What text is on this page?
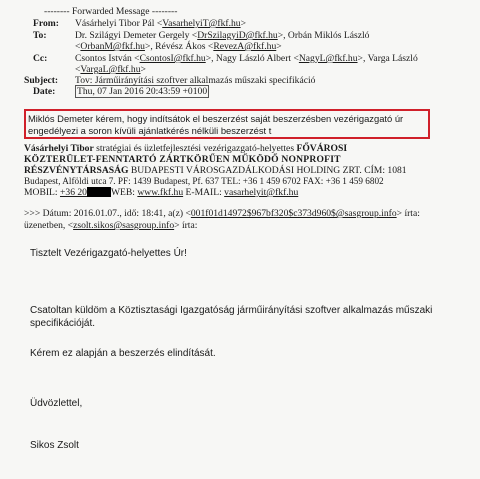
-------- Forwarded Message --------
From: Vásárhelyi Tibor Pál <VasarhelyiT@fkf.hu>
To:	Dr. Szilágyi Demeter Gergely <DrSzilagyiD@fkf.hu>, Orbán Miklós László
<OrbanM@fkf.hu>, Révész Ákos <RevezA@fkf.hu>
Cc:	Csontos István <CsontosI@fkf.hu>, Nagy László Albert <NagyL@fkf.hu>, Varga László
<VargaL@fkf.hu>
Subject: Tov: Járműirányítási szoftver alkalmazás műszaki specifikáció
Date: Thu, 07 Jan 2016 20:43:59 +0100
Miklós Demeter kérem, hogy indítsátok el beszerzést saját beszerzésben vezérigazgató úr
engedélyezi a soron kívüli ajánlatkérés nélküli beszerzést t
Vásárhelyi Tibor stratégiai és üzletfejlesztési vezérigazgató-helyettes FŐVÁROSI
KÖZTERÜLET-FENNTARTÓ ZÁRTKÖRŰEN MŰKÖDŐ NONPROFIT
RÉSZVÉNYTÁRSASÁG BUDAPESTI VÁROSGAZDÁLKODÁSI HOLDING ZRT. CÍM: 1081
Budapest, Alföldi utca 7. PF: 1439 Budapest, Pf. 637 TEL: +36 1 459 6702 FAX: +36 1 459 6802
MOBIL: +36 20	WEB: www.fkf.hu E-MAIL: vasarhelyit@fkf.hu
>>> Dátum: 2016.01.07., idő: 18:41, a(z) <001f01d14972$967bf320$c373d960$@sasgroup.info> írta:
üzenetben, <zsolt.sikos@sasgroup.info> írta:
Tisztelt Vezérigazgató-helyettes Úr!
Csatoltan küldöm a Köztisztasági Igazgatóság járműirányítási szoftver alkalmazás műszaki
specifikációját.
Kérem ez alapján a beszerzés elindítását.
Üdvözlettel,
Sikos Zsolt
